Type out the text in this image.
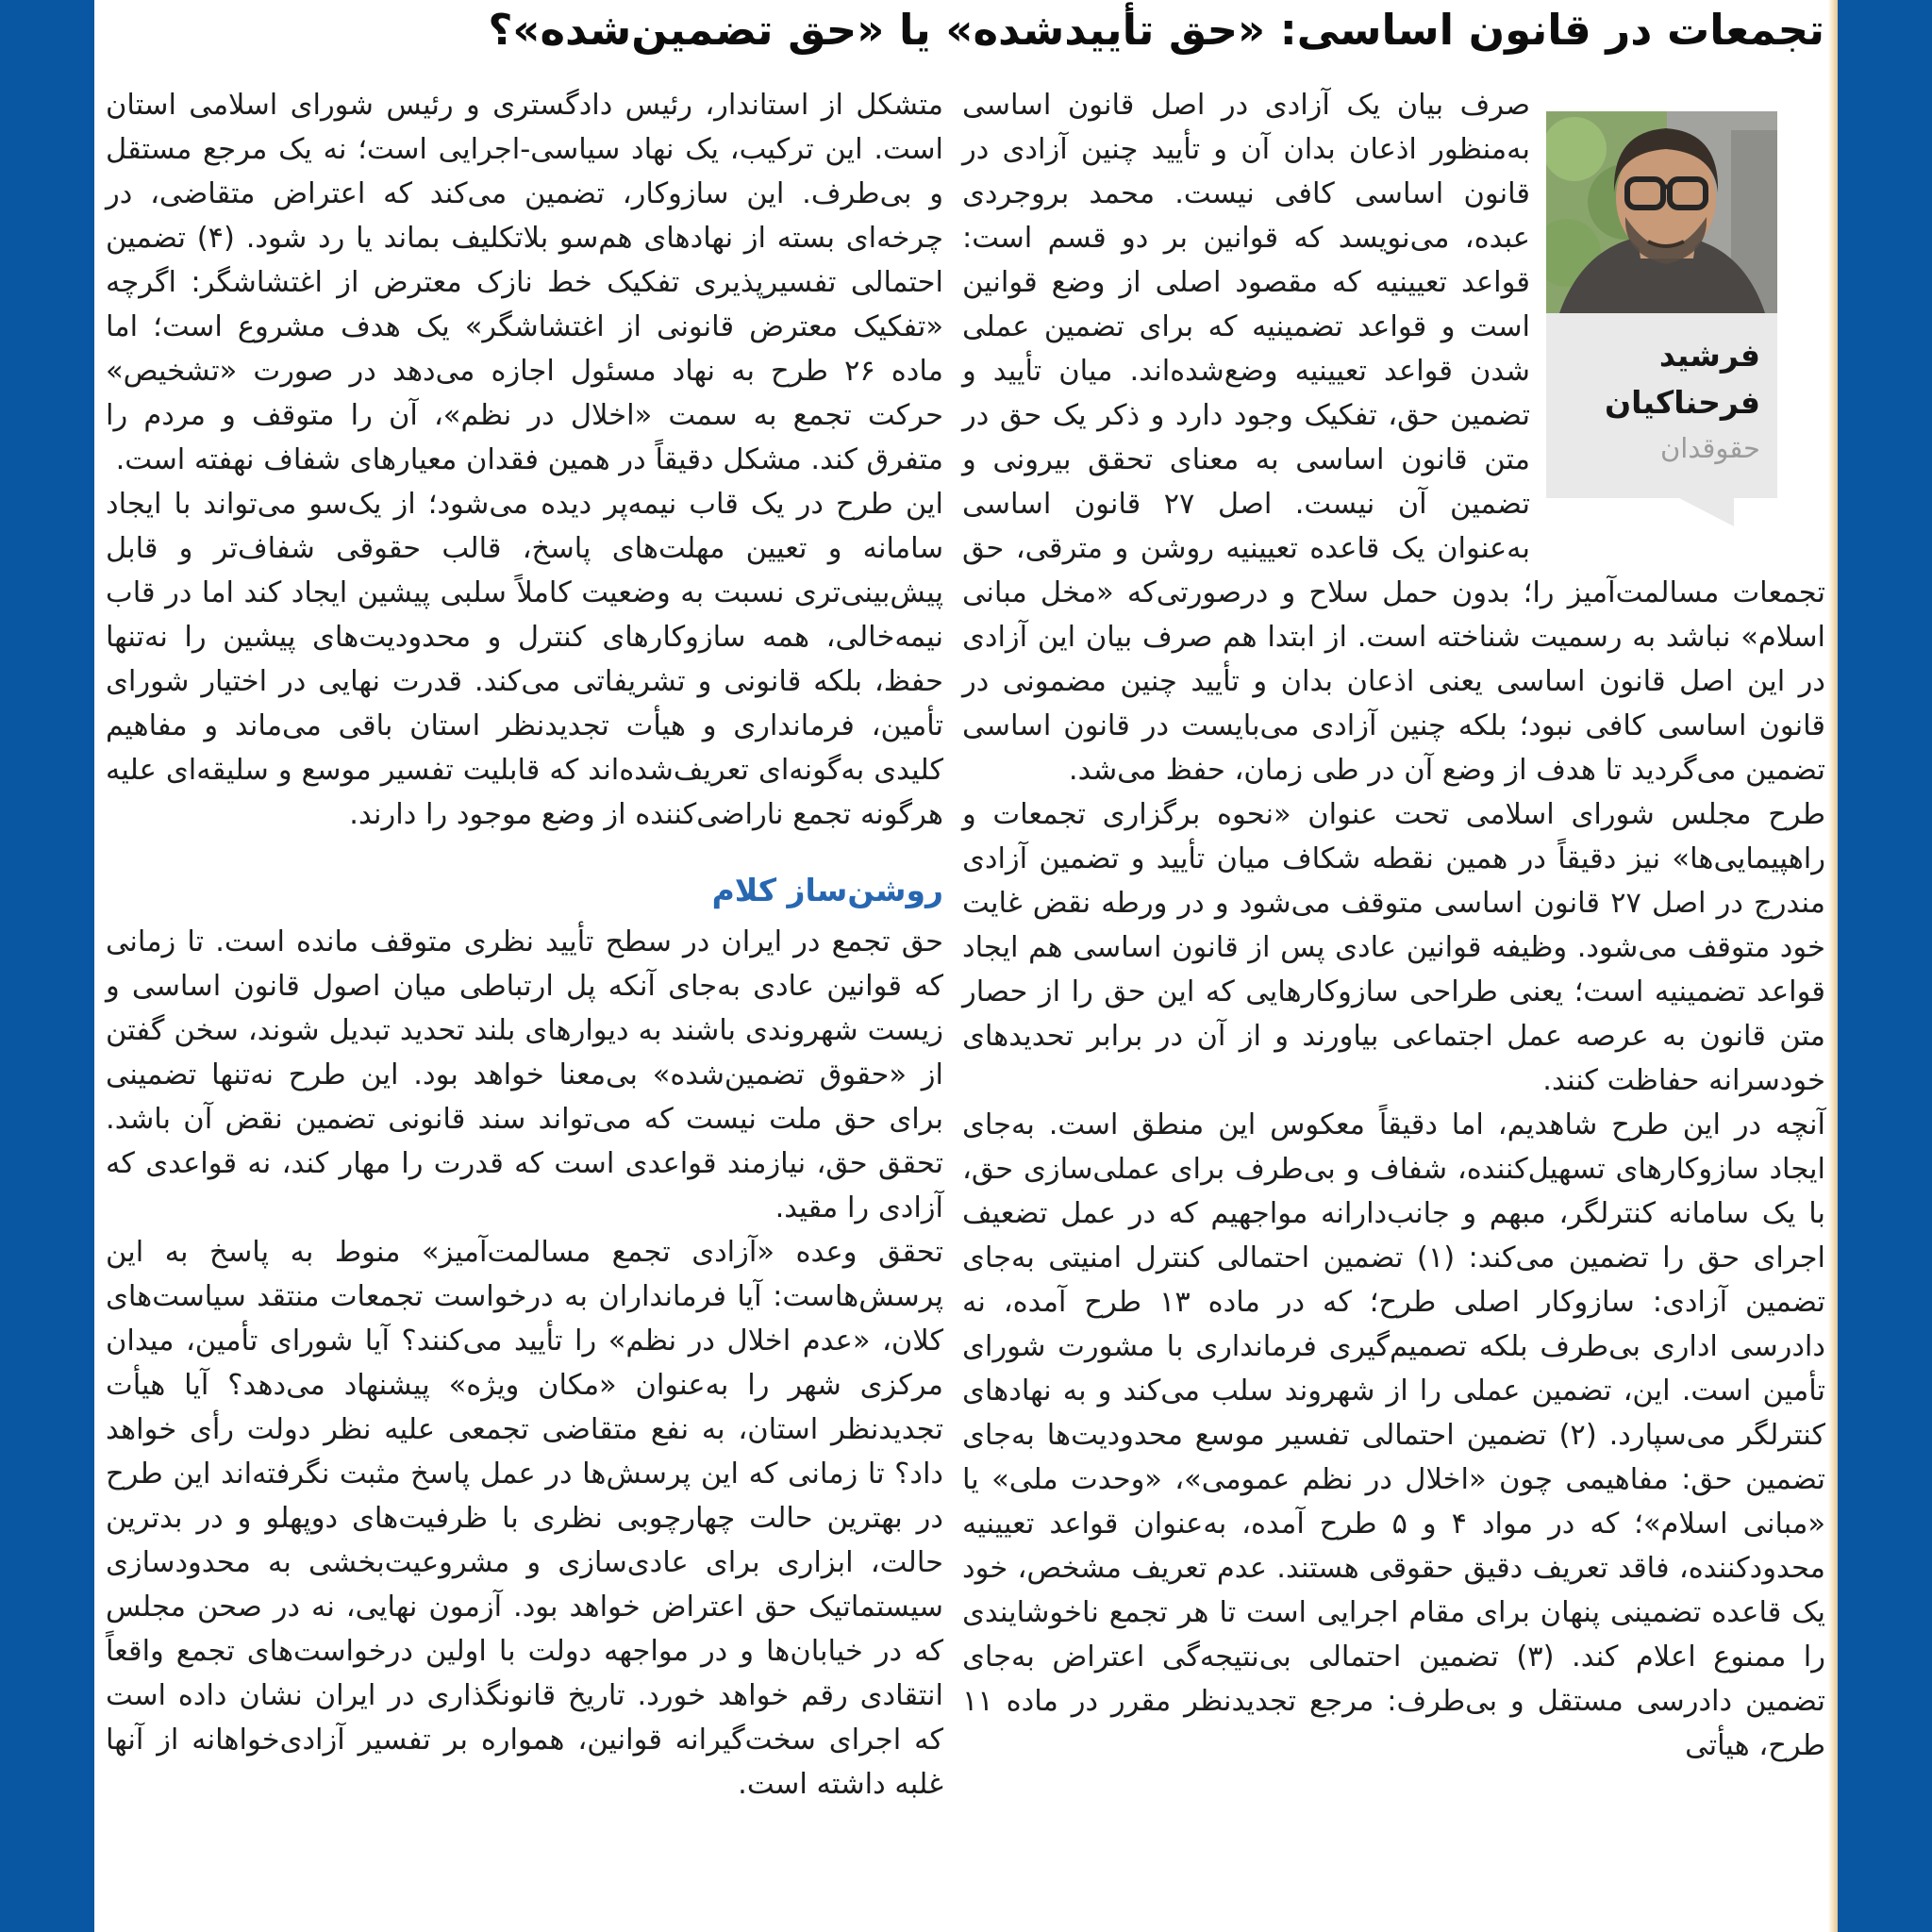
تجمعات در قانون اساسی: «حق تأییدشده» یا «حق تضمین‌شده»؟
فرشید
فرحناکیان
حقوقدان

صرف بیان یک آزادی در اصل قانون اساسی به‌منظور اذعان بدان آن و تأیید چنین آزادی در قانون اساسی کافی نیست. محمد بروجردی عبده، می‌نویسد که قوانین بر دو قسم است: قواعد تعیینیه که مقصود اصلی از وضع قوانین است و قواعد تضمینیه که برای تضمین عملی شدن قواعد تعیینیه وضع‌شده‌اند. میان تأیید و تضمین حق، تفکیک وجود دارد و ذکر یک حق در متن قانون اساسی به معنای تحقق بیرونی و تضمین آن نیست. اصل ۲۷ قانون اساسی به‌عنوان یک قاعده تعیینیه روشن و مترقی، حق تجمعات مسالمت‌آمیز را؛ بدون حمل سلاح و درصورتی‌که «مخل مبانی اسلام» نباشد به رسمیت شناخته است. از ابتدا هم صرف بیان این آزادی در این اصل قانون اساسی یعنی اذعان بدان و تأیید چنین مضمونی در قانون اساسی کافی نبود؛ بلکه چنین آزادی می‌بایست در قانون اساسی تضمین می‌گردید تا هدف از وضع آن در طی زمان، حفظ می‌شد.

طرح مجلس شورای اسلامی تحت عنوان «نحوه برگزاری تجمعات و راهپیمایی‌ها» نیز دقیقاً در همین نقطه شکاف میان تأیید و تضمین آزادی مندرج در اصل ۲۷ قانون اساسی متوقف می‌شود و در ورطه نقض غایت خود متوقف می‌شود. وظیفه قوانین عادی پس از قانون اساسی هم ایجاد قواعد تضمینیه است؛ یعنی طراحی سازوکارهایی که این حق را از حصار متن قانون به عرصه عمل اجتماعی بیاورند و از آن در برابر تحدیدهای خودسرانه حفاظت کنند.

آنچه در این طرح شاهدیم، اما دقیقاً معکوس این منطق است. به‌جای ایجاد سازوکارهای تسهیل‌کننده، شفاف و بی‌طرف برای عملی‌سازی حق، با یک سامانه کنترلگر، مبهم و جانب‌دارانه مواجهیم که در عمل تضعیف اجرای حق را تضمین می‌کند: (۱) تضمین احتمالی کنترل امنیتی به‌جای تضمین آزادی: سازوکار اصلی طرح؛ که در ماده ۱۳ طرح آمده، نه دادرسی اداری بی‌طرف بلکه تصمیم‌گیری فرمانداری با مشورت شورای تأمین است. این، تضمین عملی را از شهروند سلب می‌کند و به نهادهای کنترلگر می‌سپارد. (۲) تضمین احتمالی تفسیر موسع محدودیت‌ها به‌جای تضمین حق: مفاهیمی چون «اخلال در نظم عمومی»، «وحدت ملی» یا «مبانی اسلام»؛ که در مواد ۴ و ۵ طرح آمده، به‌عنوان قواعد تعیینیه محدودکننده، فاقد تعریف دقیق حقوقی هستند. عدم تعریف مشخص، خود یک قاعده تضمینی پنهان برای مقام اجرایی است تا هر تجمع ناخوشایندی را ممنوع اعلام کند. (۳) تضمین احتمالی بی‌نتیجه‌گی اعتراض به‌جای تضمین دادرسی مستقل و بی‌طرف: مرجع تجدیدنظر مقرر در ماده ۱۱ طرح، هیأتی

متشکل از استاندار، رئیس دادگستری و رئیس شورای اسلامی استان است. این ترکیب، یک نهاد سیاسی-اجرایی است؛ نه یک مرجع مستقل و بی‌طرف. این سازوکار، تضمین می‌کند که اعتراض متقاضی، در چرخه‌ای بسته از نهادهای هم‌سو بلاتکلیف بماند یا رد شود. (۴) تضمین احتمالی تفسیرپذیری تفکیک خط نازک معترض از اغتشاشگر: اگرچه «تفکیک معترض قانونی از اغتشاشگر» یک هدف مشروع است؛ اما ماده ۲۶ طرح به نهاد مسئول اجازه می‌دهد در صورت «تشخیص» حرکت تجمع به سمت «اخلال در نظم»، آن را متوقف و مردم را متفرق کند. مشکل دقیقاً در همین فقدان معیارهای شفاف نهفته است.

این طرح در یک قاب نیمه‌پر دیده می‌شود؛ از یک‌سو می‌تواند با ایجاد سامانه و تعیین مهلت‌های پاسخ، قالب حقوقی شفاف‌تر و قابل پیش‌بینی‌تری نسبت به وضعیت کاملاً سلبی پیشین ایجاد کند اما در قاب نیمه‌خالی، همه سازوکارهای کنترل و محدودیت‌های پیشین را نه‌تنها حفظ، بلکه قانونی و تشریفاتی می‌کند. قدرت نهایی در اختیار شورای تأمین، فرمانداری و هیأت تجدیدنظر استان باقی می‌ماند و مفاهیم کلیدی به‌گونه‌ای تعریف‌شده‌اند که قابلیت تفسیر موسع و سلیقه‌ای علیه هرگونه تجمع ناراضی‌کننده از وضع موجود را دارند.

روشن‌ساز کلام

حق تجمع در ایران در سطح تأیید نظری متوقف مانده است. تا زمانی که قوانین عادی به‌جای آنکه پل ارتباطی میان اصول قانون اساسی و زیست شهروندی باشند به دیوارهای بلند تحدید تبدیل شوند، سخن گفتن از «حقوق تضمین‌شده» بی‌معنا خواهد بود. این طرح نه‌تنها تضمینی برای حق ملت نیست که می‌تواند سند قانونی تضمین نقض آن باشد. تحقق حق، نیازمند قواعدی است که قدرت را مهار کند، نه قواعدی که آزادی را مقید.

تحقق وعده «آزادی تجمع مسالمت‌آمیز» منوط به پاسخ به این پرسش‌هاست: آیا فرمانداران به درخواست تجمعات منتقد سیاست‌های کلان، «عدم اخلال در نظم» را تأیید می‌کنند؟ آیا شورای تأمین، میدان مرکزی شهر را به‌عنوان «مکان ویژه» پیشنهاد می‌دهد؟ آیا هیأت تجدیدنظر استان، به نفع متقاضی تجمعی علیه نظر دولت رأی خواهد داد؟ تا زمانی که این پرسش‌ها در عمل پاسخ مثبت نگرفته‌اند این طرح در بهترین حالت چهارچوبی نظری با ظرفیت‌های دوپهلو و در بدترین حالت، ابزاری برای عادی‌سازی و مشروعیت‌بخشی به محدودسازی سیستماتیک حق اعتراض خواهد بود. آزمون نهایی، نه در صحن مجلس که در خیابان‌ها و در مواجهه دولت با اولین درخواست‌های تجمع واقعاً انتقادی رقم خواهد خورد. تاریخ قانونگذاری در ایران نشان داده است که اجرای سخت‌گیرانه قوانین، همواره بر تفسیر آزادی‌خواهانه از آنها غلبه داشته است.
